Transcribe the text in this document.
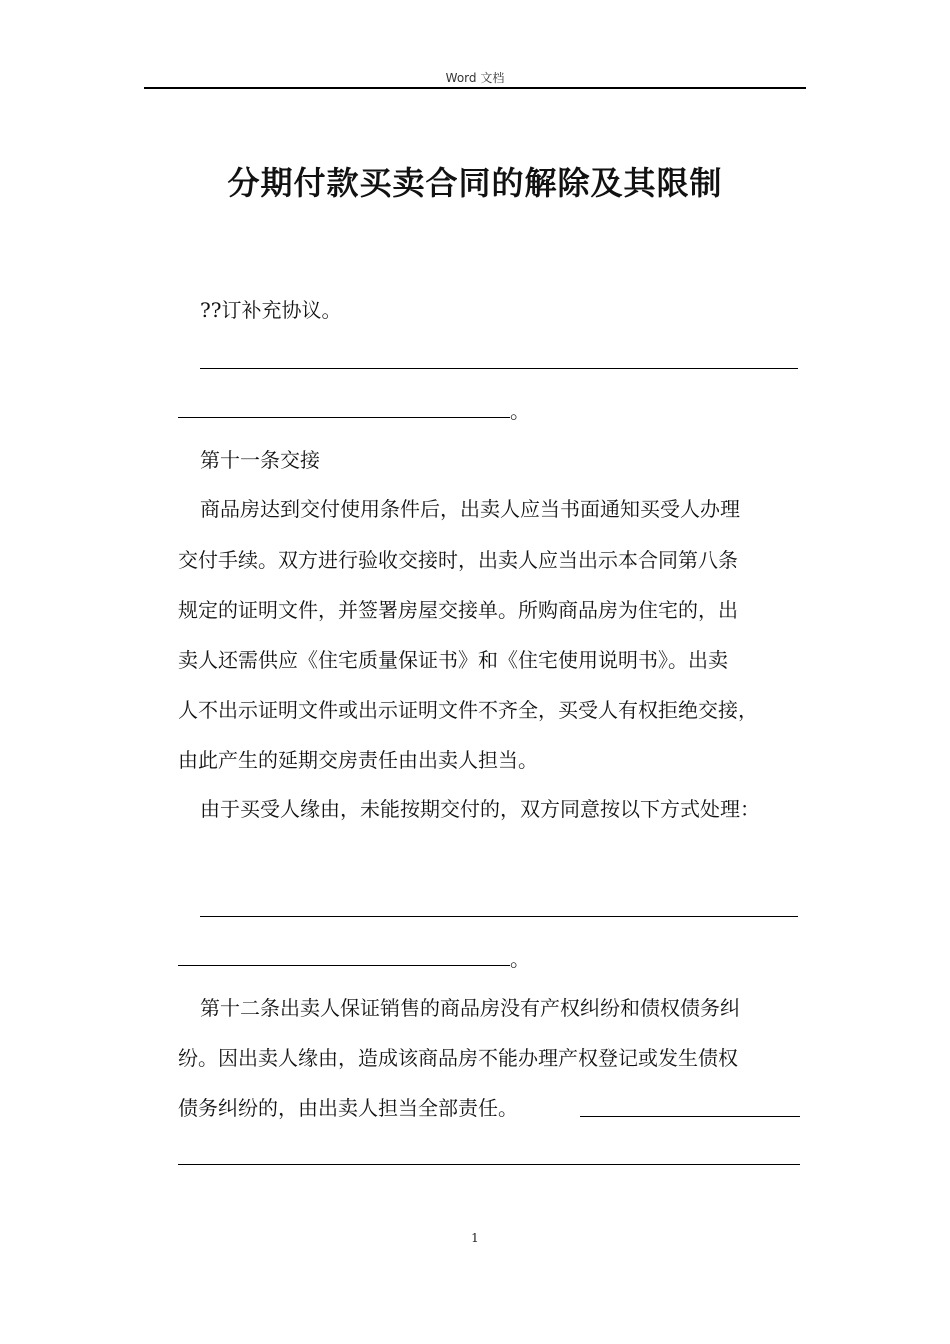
Word 文档
分期付款买卖合同的解除及其限制
??订补充协议。
。
第十一条交接
商品房达到交付使用条件后，出卖人应当书面通知买受人办理
交付手续。双方进行验收交接时，出卖人应当出示本合同第八条
规定的证明文件，并签署房屋交接单。所购商品房为住宅的，出
卖人还需供应《住宅质量保证书》和《住宅使用说明书》。出卖
人不出示证明文件或出示证明文件不齐全，买受人有权拒绝交接，
由此产生的延期交房责任由出卖人担当。
由于买受人缘由，未能按期交付的，双方同意按以下方式处理：
。
第十二条出卖人保证销售的商品房没有产权纠纷和债权债务纠
纷。因出卖人缘由，造成该商品房不能办理产权登记或发生债权
债务纠纷的，由出卖人担当全部责任。
1
